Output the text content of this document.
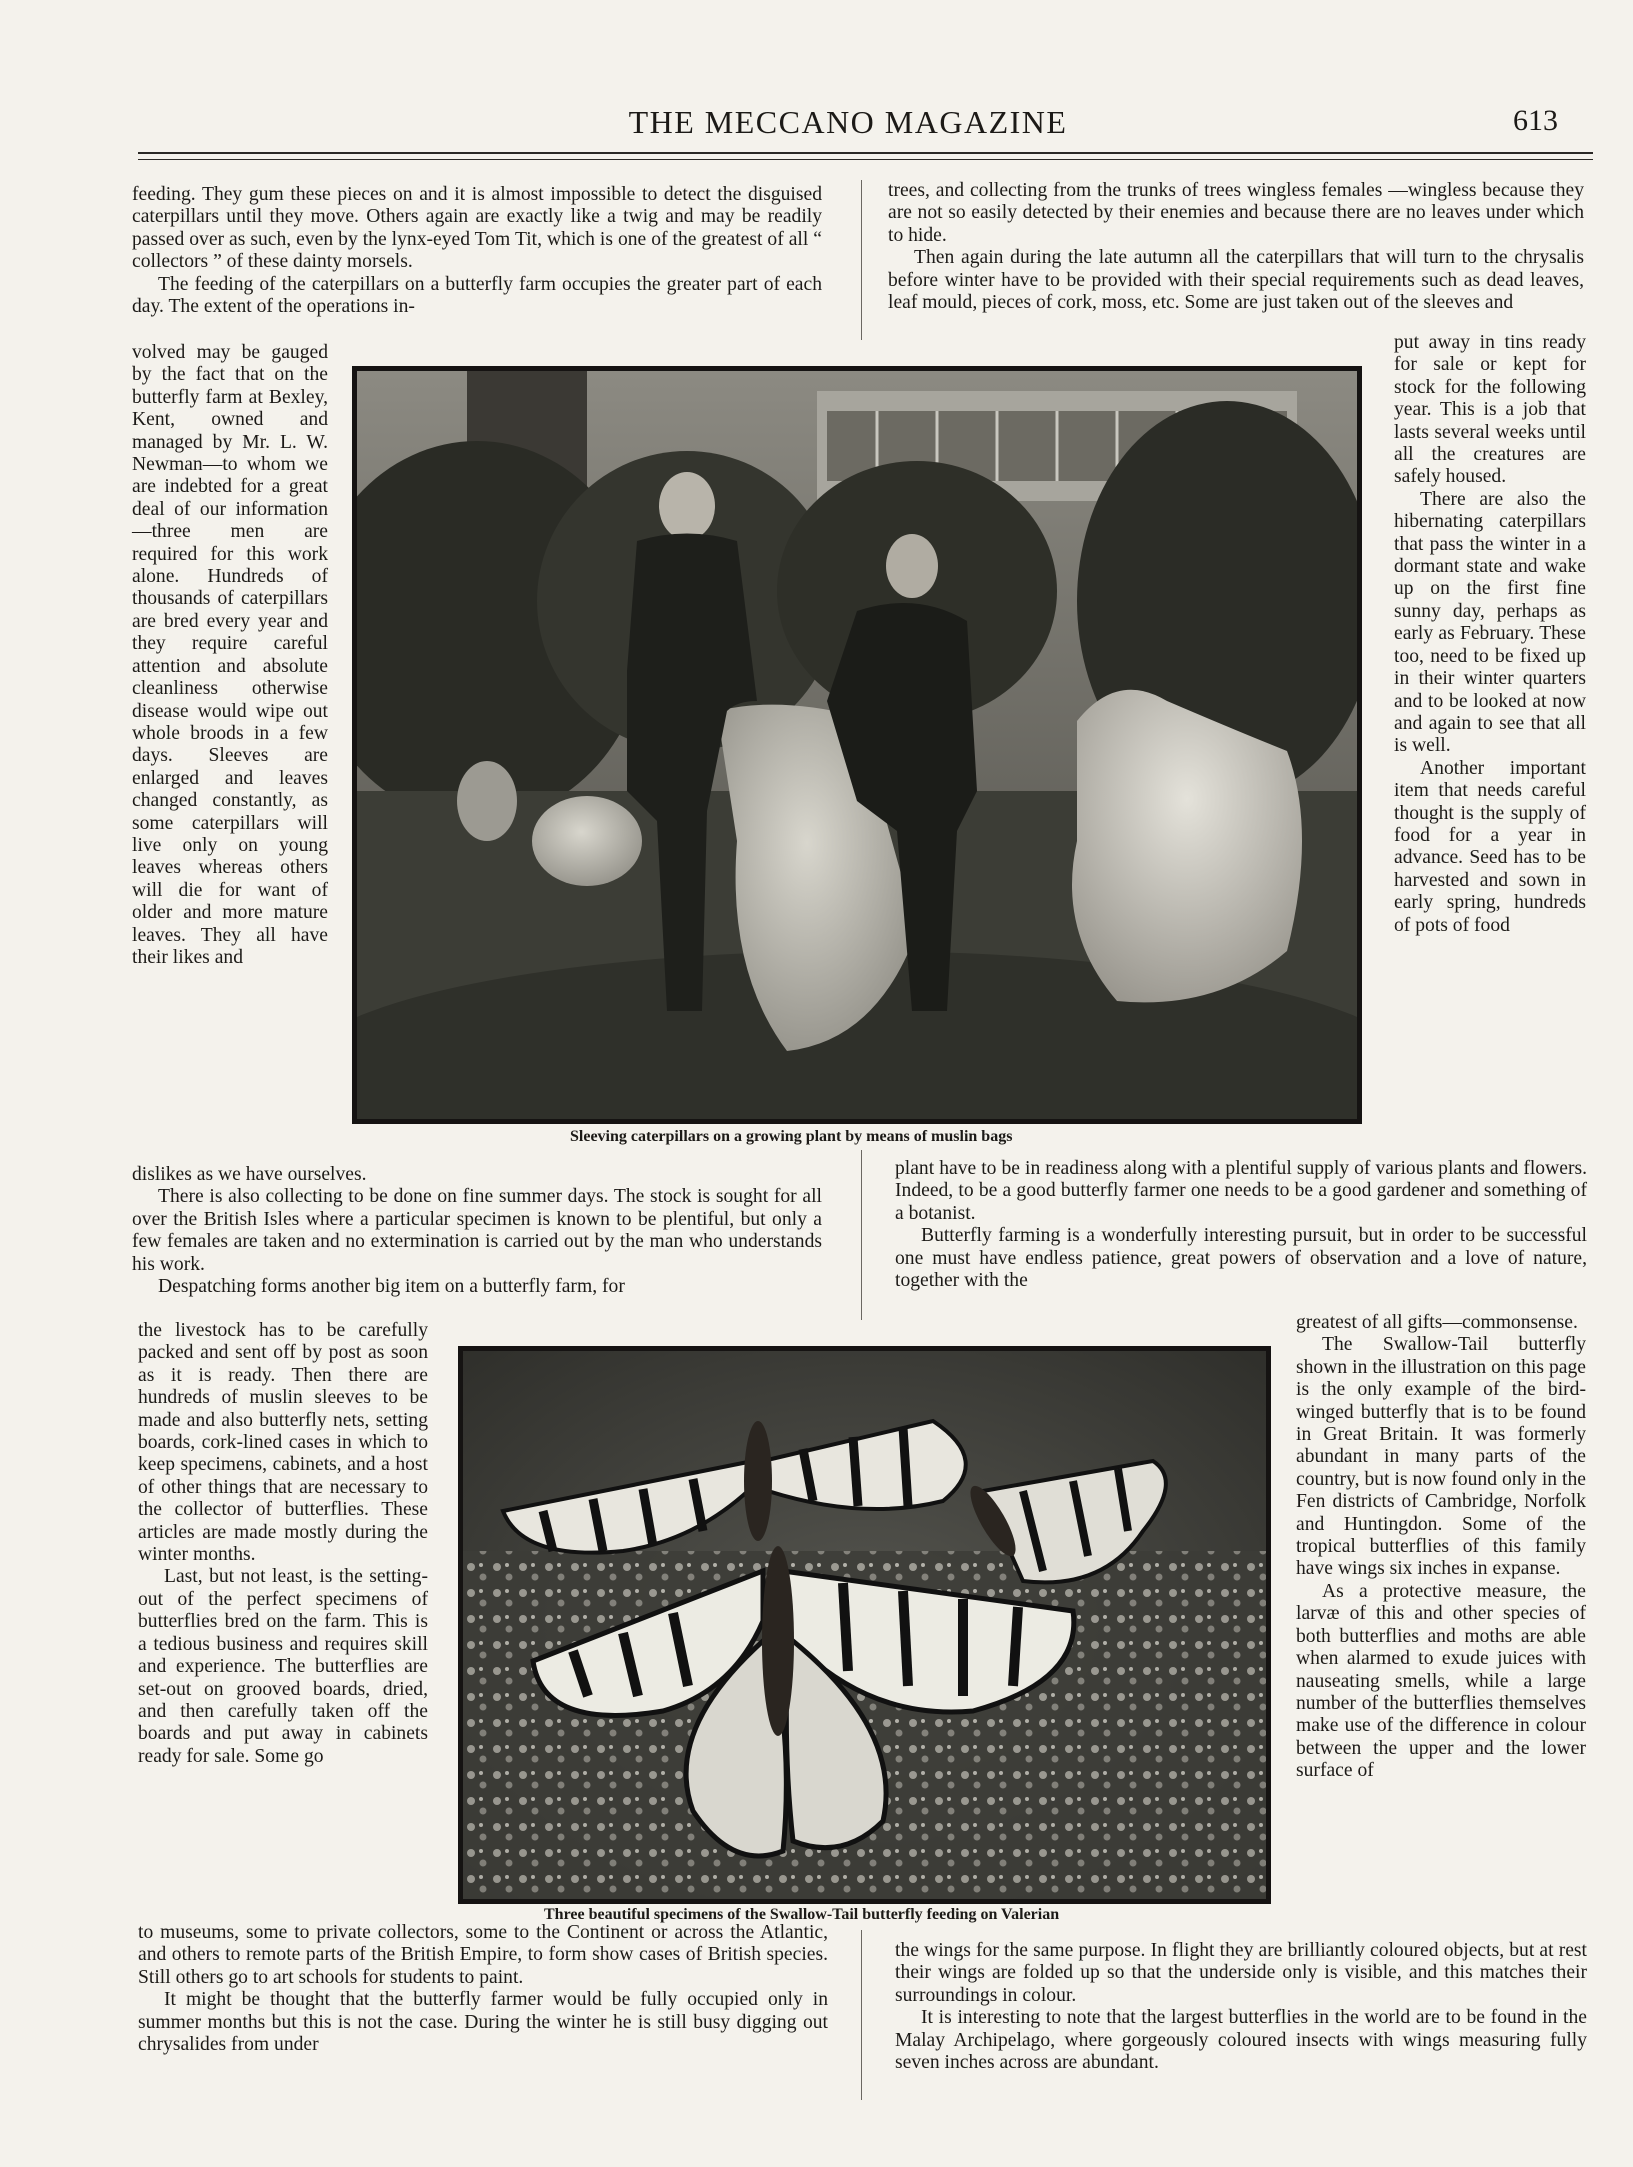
THE MECCANO MAGAZINE	613

feeding. They gum these pieces on and it is almost impossible to detect the disguised caterpillars until they move. Others again are exactly like a twig and may be readily passed over as such, even by the lynx-eyed Tom Tit, which is one of the greatest of all “ collectors ” of these dainty morsels.

The feeding of the caterpillars on a butterfly farm occupies the greater part of each day. The extent of the operations in-

volved may be gauged by the fact that on the butterfly farm at Bexley, Kent, owned and managed by Mr. L. W. Newman—to whom we are indebted for a great deal of our information—three men are required for this work alone. Hundreds of thousands of caterpillars are bred every year and they require careful attention and absolute cleanliness otherwise disease would wipe out whole broods in a few days. Sleeves are enlarged and leaves changed constantly, as some caterpillars will live only on young leaves whereas others will die for want of older and more mature leaves. They all have their likes and

dislikes as we have ourselves.

There is also collecting to be done on fine summer days. The stock is sought for all over the British Isles where a particular specimen is known to be plentiful, but only a few females are taken and no extermination is carried out by the man who understands his work.

Despatching forms another big item on a butterfly farm, for

the livestock has to be carefully packed and sent off by post as soon as it is ready. Then there are hundreds of muslin sleeves to be made and also butterfly nets, setting boards, cork-lined cases in which to keep specimens, cabinets, and a host of other things that are necessary to the collector of butterflies. These articles are made mostly during the winter months.

Last, but not least, is the setting-out of the perfect specimens of butterflies bred on the farm. This is a tedious business and requires skill and experience. The butterflies are set-out on grooved boards, dried, and then carefully taken off the boards and put away in cabinets ready for sale. Some go

to museums, some to private collectors, some to the Continent or across the Atlantic, and others to remote parts of the British Empire, to form show cases of British species. Still others go to art schools for students to paint.

It might be thought that the butterfly farmer would be fully occupied only in summer months but this is not the case. During the winter he is still busy digging out chrysalides from under

trees, and collecting from the trunks of trees wingless females —wingless because they are not so easily detected by their enemies and because there are no leaves under which to hide.

Then again during the late autumn all the caterpillars that will turn to the chrysalis before winter have to be provided with their special requirements such as dead leaves, leaf mould, pieces of cork, moss, etc. Some are just taken out of the sleeves and

put away in tins ready for sale or kept for stock for the following year. This is a job that lasts several weeks until all the creatures are safely housed.

There are also the hibernating caterpillars that pass the winter in a dormant state and wake up on the first fine sunny day, perhaps as early as February. These too, need to be fixed up in their winter quarters and to be looked at now and again to see that all is well.

Another important item that needs careful thought is the supply of food for a year in advance. Seed has to be harvested and sown in early spring, hundreds of pots of food

plant have to be in readiness along with a plentiful supply of various plants and flowers. Indeed, to be a good butterfly farmer one needs to be a good gardener and something of a botanist.

Butterfly farming is a wonderfully interesting pursuit, but in order to be successful one must have endless patience, great powers of observation and a love of nature, together with the

greatest of all gifts—commonsense.

The Swallow-Tail butterfly shown in the illustration on this page is the only example of the bird-winged butterfly that is to be found in Great Britain. It was formerly abundant in many parts of the country, but is now found only in the Fen districts of Cambridge, Norfolk and Huntingdon. Some of the tropical butterflies of this family have wings six inches in expanse.

As a protective measure, the larvæ of this and other species of both butterflies and moths are able when alarmed to exude juices with nauseating smells, while a large number of the butterflies themselves make use of the difference in colour between the upper and the lower surface of

the wings for the same purpose. In flight they are brilliantly coloured objects, but at rest their wings are folded up so that the underside only is visible, and this matches their surroundings in colour.

It is interesting to note that the largest butterflies in the world are to be found in the Malay Archipelago, where gorgeously coloured insects with wings measuring fully seven inches across are abundant.

Sleeving caterpillars on a growing plant by means of muslin bags
Three beautiful specimens of the Swallow-Tail butterfly feeding on Valerian
